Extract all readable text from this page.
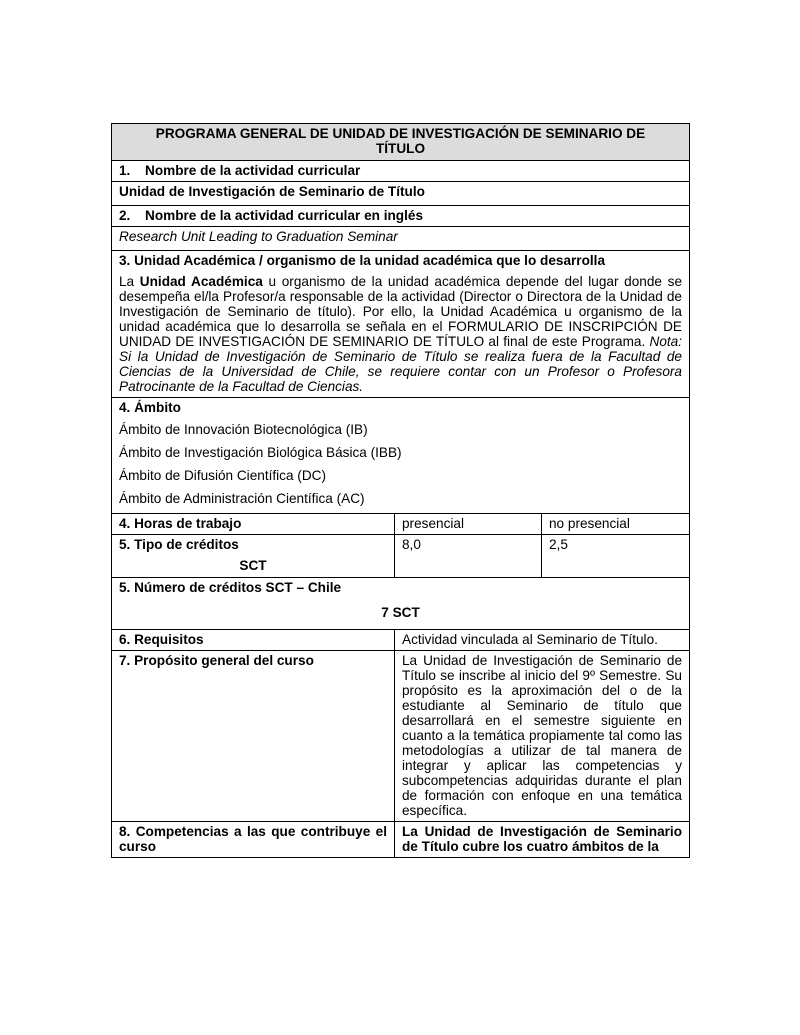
PROGRAMA GENERAL DE UNIDAD DE INVESTIGACIÓN DE SEMINARIO DE TÍTULO		
1. Nombre de la actividad curricular		
Unidad de Investigación de Seminario de Título		
2. Nombre de la actividad curricular en inglés		
Research Unit Leading to Graduation Seminar		

3. Unidad Académica / organismo de la unidad académica que lo desarrolla
La Unidad Académica u organismo de la unidad académica depende del lugar donde se desempeña el/la Profesor/a responsable de la actividad (Director o Directora de la Unidad de Investigación de Seminario de título). Por ello, la Unidad Académica u organismo de la unidad académica que lo desarrolla se señala en el FORMULARIO DE INSCRIPCIÓN DE UNIDAD DE INVESTIGACIÓN DE SEMINARIO DE TÍTULO al final de este Programa. Nota: Si la Unidad de Investigación de Seminario de Título se realiza fuera de la Facultad de Ciencias de la Universidad de Chile, se requiere contar con un Profesor o Profesora Patrocinante de la Facultad de Ciencias.		

4. Ámbito

Ámbito de Innovación Biotecnológica (IB)

Ámbito de Investigación Biológica Básica (IBB)

Ámbito de Difusión Científica (DC)

Ámbito de Administración Científica (AC)		

4. Horas de trabajo	presencial	no presencial

5. Tipo de créditos
SCT	8,0	2,5

5. Número de créditos SCT – Chile
7 SCT		

6. Requisitos	Actividad vinculada al Seminario de Título.	
7. Propósito general del curso	La Unidad de Investigación de Seminario de Título se inscribe al inicio del 9º Semestre. Su propósito es la aproximación del o de la estudiante al Seminario de título que desarrollará en el semestre siguiente en cuanto a la temática propiamente tal como las metodologías a utilizar de tal manera de integrar y aplicar las competencias y subcompetencias adquiridas durante el plan de formación con enfoque en una temática específica.	
8. Competencias a las que contribuye el curso	La Unidad de Investigación de Seminario de Título cubre los cuatro ámbitos de la	
